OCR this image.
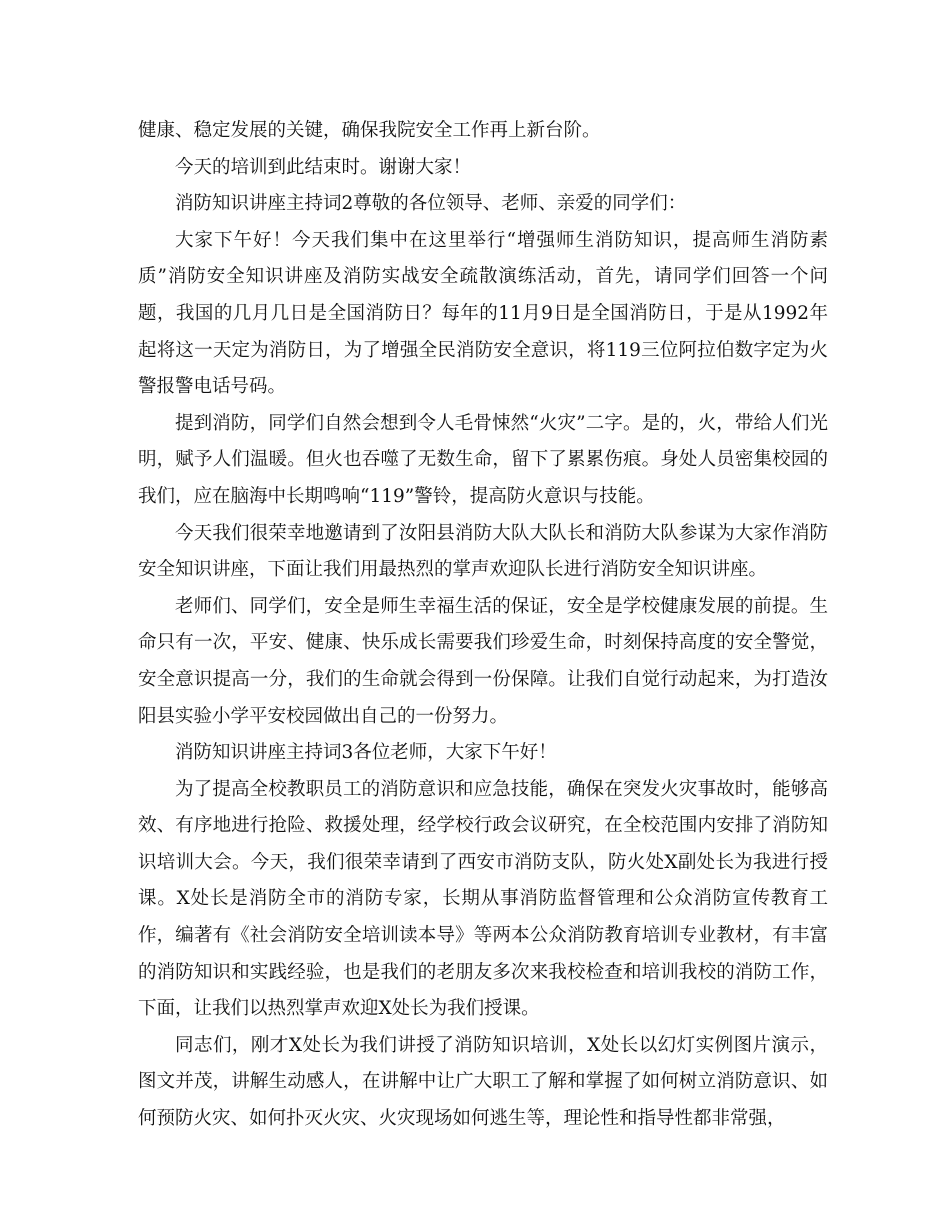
健康、稳定发展的关键，确保我院安全工作再上新台阶。

今天的培训到此结束时。谢谢大家！

消防知识讲座主持词2尊敬的各位领导、老师、亲爱的同学们：

大家下午好！今天我们集中在这里举行“增强师生消防知识，提高师生消防素质”消防安全知识讲座及消防实战安全疏散演练活动，首先，请同学们回答一个问题，我国的几月几日是全国消防日？每年的11月9日是全国消防日，于是从1992年起将这一天定为消防日，为了增强全民消防安全意识，将119三位阿拉伯数字定为火警报警电话号码。

提到消防，同学们自然会想到令人毛骨悚然“火灾”二字。是的，火，带给人们光明，赋予人们温暖。但火也吞噬了无数生命，留下了累累伤痕。身处人员密集校园的我们，应在脑海中长期鸣响“119”警铃，提高防火意识与技能。

今天我们很荣幸地邀请到了汝阳县消防大队大队长和消防大队参谋为大家作消防安全知识讲座，下面让我们用最热烈的掌声欢迎队长进行消防安全知识讲座。

老师们、同学们，安全是师生幸福生活的保证，安全是学校健康发展的前提。生命只有一次，平安、健康、快乐成长需要我们珍爱生命，时刻保持高度的安全警觉，安全意识提高一分，我们的生命就会得到一份保障。让我们自觉行动起来，为打造汝阳县实验小学平安校园做出自己的一份努力。

消防知识讲座主持词3各位老师，大家下午好！

为了提高全校教职员工的消防意识和应急技能，确保在突发火灾事故时，能够高效、有序地进行抢险、救援处理，经学校行政会议研究，在全校范围内安排了消防知识培训大会。今天，我们很荣幸请到了西安市消防支队，防火处X副处长为我进行授课。X处长是消防全市的消防专家，长期从事消防监督管理和公众消防宣传教育工作，编著有《社会消防安全培训读本导》等两本公众消防教育培训专业教材，有丰富的消防知识和实践经验，也是我们的老朋友多次来我校检查和培训我校的消防工作，下面，让我们以热烈掌声欢迎X处长为我们授课。

同志们，刚才X处长为我们讲授了消防知识培训，X处长以幻灯实例图片演示，图文并茂，讲解生动感人，在讲解中让广大职工了解和掌握了如何树立消防意识、如何预防火灾、如何扑灭火灾、火灾现场如何逃生等，理论性和指导性都非常强，
